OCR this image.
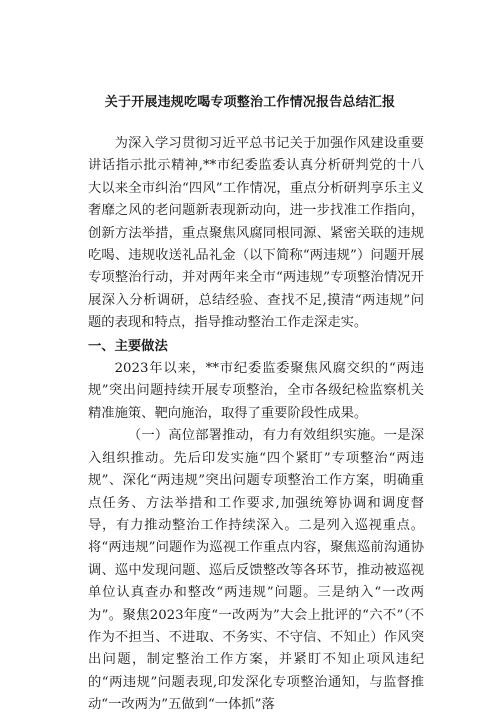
关于开展违规吃喝专项整治工作情况报告总结汇报

为深入学习贯彻习近平总书记关于加强作风建设重要讲话指示批示精神,**市纪委监委认真分析研判党的十八大以来全市纠治“四风”工作情况，重点分析研判享乐主义奢靡之风的老问题新表现新动向，进一步找准工作指向，创新方法举措，重点聚焦风腐同根同源、紧密关联的违规吃喝、违规收送礼品礼金（以下简称“两违规”）问题开展专项整治行动，并对两年来全市“两违规”专项整治情况开展深入分析调研，总结经验、查找不足,摸清“两违规”问题的表现和特点，指导推动整治工作走深走实。

一、主要做法

2023年以来，**市纪委监委聚焦风腐交织的“两违规”突出问题持续开展专项整治，全市各级纪检监察机关精准施策、靶向施治，取得了重要阶段性成果。

（一）高位部署推动，有力有效组织实施。一是深入组织推动。先后印发实施“四个紧盯”专项整治“两违规”、深化“两违规”突出问题专项整治工作方案，明确重点任务、方法举措和工作要求,加强统筹协调和调度督导，有力推动整治工作持续深入。二是列入巡视重点。将“两违规”问题作为巡视工作重点内容，聚焦巡前沟通协调、巡中发现问题、巡后反馈整改等各环节，推动被巡视单位认真查办和整改“两违规”问题。三是纳入“一改两为”。聚焦2023年度“一改两为”大会上批评的“六不”（不作为不担当、不进取、不务实、不守信、不知止）作风突出问题，制定整治工作方案，并紧盯不知止项风违纪的“两违规”问题表现,印发深化专项整治通知，与监督推动“一改两为”五做到“一体抓”落
